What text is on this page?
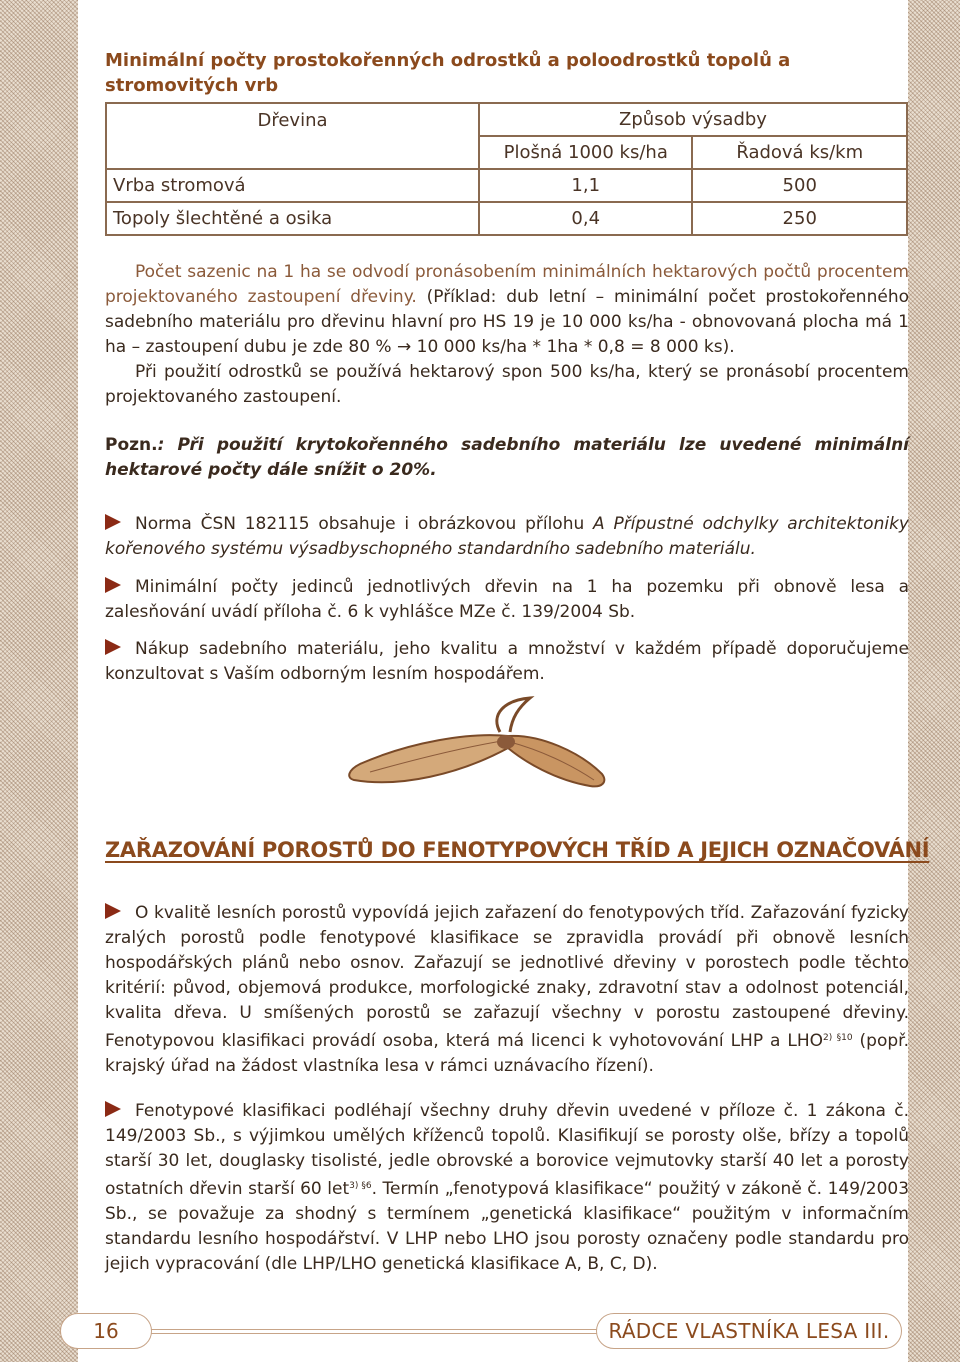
Minimální počty prostokořenných odrostků a poloodrostků topolů a stromovitých vrb
Dřevina	Způsob výsadby	
	Plošná 1000 ks/ha	Řadová ks/km
Vrba stromová	1,1	500
Topoly šlechtěné a osika	0,4	250

Počet sazenic na 1 ha se odvodí pronásobením minimálních hektarových počtů procentem projektovaného zastoupení dřeviny. (Příklad: dub letní – minimální počet prostokořenného sadebního materiálu pro dřevinu hlavní pro HS 19 je 10 000 ks/ha - obnovovaná plocha má 1 ha – zastoupení dubu je zde 80 % → 10 000 ks/ha * 1ha * 0,8 = 8 000 ks).

Při použití odrostků se používá hektarový spon 500 ks/ha, který se pronásobí procentem projektovaného zastoupení.

Pozn.: Při použití krytokořenného sadebního materiálu lze uvedené minimální hektarové počty dále snížit o 20%.

Norma ČSN 182115 obsahuje i obrázkovou přílohu A Přípustné odchylky architektoniky kořenového systému výsadbyschopného standardního sadebního materiálu.

Minimální počty jedinců jednotlivých dřevin na 1 ha pozemku při obnově lesa a zalesňování uvádí příloha č. 6 k vyhlášce MZe č. 139/2004 Sb.

Nákup sadebního materiálu, jeho kvalitu a množství v každém případě doporučujeme konzultovat s Vaším odborným lesním hospodářem.

ZAŘAZOVÁNÍ POROSTŮ DO FENOTYPOVÝCH TŘÍD A JEJICH OZNAČOVÁNÍ

O kvalitě lesních porostů vypovídá jejich zařazení do fenotypových tříd. Zařazování fyzicky zralých porostů podle fenotypové klasifikace se zpravidla provádí při obnově lesních hospodářských plánů nebo osnov. Zařazují se jednotlivé dřeviny v porostech podle těchto kritérií: původ, objemová produkce, morfologické znaky, zdravotní stav a odolnost potenciál, kvalita dřeva. U smíšených porostů se zařazují všechny v porostu zastoupené dřeviny. Fenotypovou klasifikaci provádí osoba, která má licenci k vyhotovování LHP a $LHO^{2) \S 10}$ (popř. krajský úřad na žádost vlastníka lesa v rámci uznávacího řízení).

Fenotypové klasifikaci podléhají všechny druhy dřevin uvedené v příloze č. 1 zákona č. 149/2003 Sb., s výjimkou umělých kříženců topolů. Klasifikují se porosty olše, břízy a topolů starší 30 let, douglasky tisolisté, jedle obrovské a borovice vejmutovky starší 40 let a porosty ostatních dřevin starší 60 let$^{3) \S 6}$. Termín „fenotypová klasifikace“ použitý v zákoně č. 149/2003 Sb., se považuje za shodný s termínem „genetická klasifikace“ použitým v informačním standardu lesního hospodářství. V LHP nebo LHO jsou porosty označeny podle standardu pro jejich vypracování (dle LHP/LHO genetická klasifikace A, B, C, D).

16	RÁDCE VLASTNÍKA LESA III.
